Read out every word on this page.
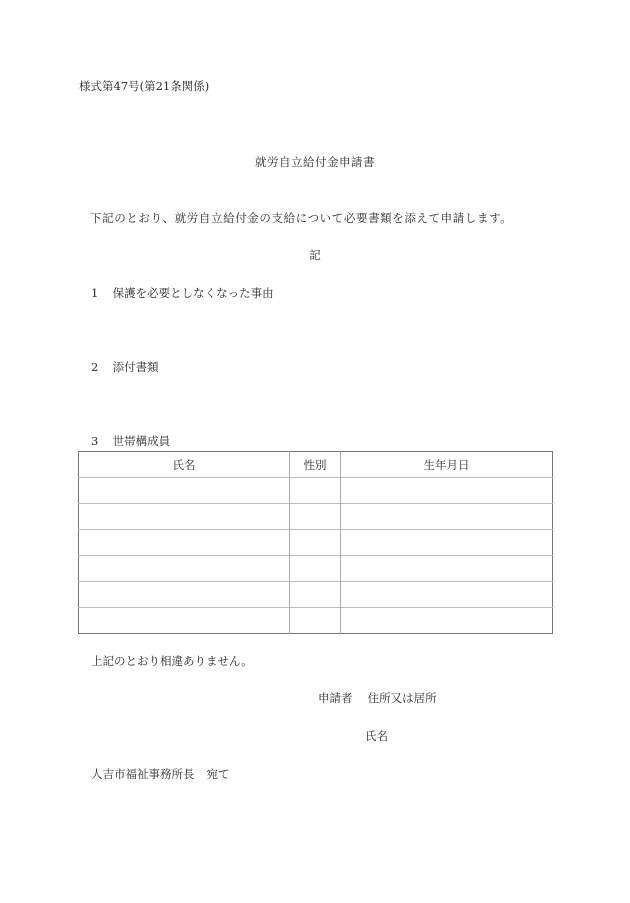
様式第47号(第21条関係)
就労自立給付金申請書
下記のとおり、就労自立給付金の支給について必要書類を添えて申請します。
記
1 保護を必要としなくなった事由
2 添付書類
3 世帯構成員
氏名	性別	生年月日

上記のとおり相違ありません。
申請者 住所又は居所
氏名
人吉市福祉事務所長 宛て
